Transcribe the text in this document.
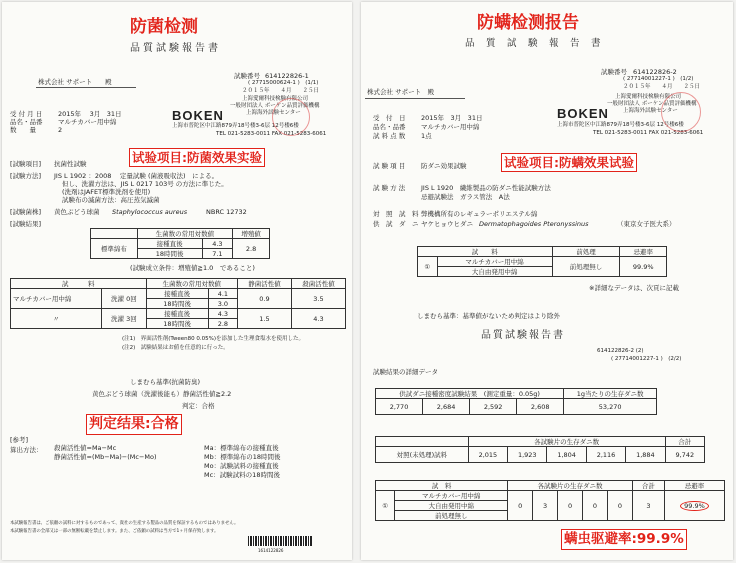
防菌检测
品質試験報告書
株式会社 サポート　　殿
試験番号 614122826-1
( 27715000624-1 )　(1/1)
２０１５年　　４月　　２５日
上海愛爾科技検験有限公司
一般財団法人 ボーケン品質評価機構
上海海外試験センター
BOKEN
上海市普陀区中江路879弄18号楼3-6层 12号楼6楼
TEL 021-5283-0011 FAX 021-5283-6061
受 付 月 日 2015年　 3月　31日
品名・品番 マルチカバー用中綿
数　　量	2
[試験項目] 抗菌性試験	试验项目:防菌效果实验
[試験方法] JIS L 1902 ：2008　 定量試験 (菌液吸収法)　による。
但し、洗濯方法は、JIS L 0217 103号 の方法に準じた。
(洗剤はJAFET標準洗剤を使用)
試験布の滅菌方法：高圧蒸気滅菌
[試験菌株] 黄色ぶどう球菌 Staphylococcus aureus	NBRC 12732
[試験結果]
	生菌数の常用対数値		増殖値
標準綿布	接種直後	4.3	2.8
	18時間後	7.1	
(試験成立条件：増殖値≧1.0　であること)
試　　　料		生菌数の常用対数値		静菌活性値	殺菌活性値
マルチカバー用中綿	洗濯 0回	接種直後	4.1	0.9	3.5
		18時間後	3.0		
〃	洗濯 3回	接種直後	4.3	1.5	4.3
		18時間後	2.8		
(注1)　界面活性剤(Tween80 0.05%)を添加した生理食塩水を使用した。
(注2)　試験結果はお値を任意的に行った。
しまむら基準(抗菌防臭)
黄色ぶどう球菌（洗濯後能も）静菌活性値≧2.2
判定：合格
判定结果:合格
[参考]
算出方法： 殺菌活性値=Ma−Mc
静菌活性値=(Mb−Ma)−(Mc−Mo)
Ma：標準綿布の接種直後
Mb：標準綿布の18時間後
Mo：試験試料の接種直後
Mc：試験試料の18時間後
本試験報告書は、ご依頼の試料に対するものであって、貴社の生産する製品の品質を保証するものではありません。
本試験報告書の全部又は一部の無断転載を禁止します。また、ご依頼の試料は当方で1ヶ月保存致します。
1614122826
防螨检测报告
品　質　試　験　報　告　書
株式会社 サポート　殿
試験番号 614122826-2
( 27714001227-1 )　(1/2)
２０１５年　　４月　　２５日
上海愛爾科技検験有限公司
一般財団法人 ボーケン品質評価機構
上海海外試験センター
BOKEN
上海市普陀区中江路879弄18号楼3-6层 12号楼6楼
TEL 021-5283-0011 FAX 021-5283-6061
受　付　日 2015年　3月　31日
品名・品番 マルチカバー用中綿
試 料 点 数 1点
試 験 項 目 防ダニ効果試験	试验项目:防螨效果试验
試 験 方 法 JIS L 1920　繊維製品の防ダニ性能試験方法
忌避試験法　ガラス管法　A法
対　照　試　料 弊機構所有のレギュラーポリエステル綿
供　試　ダ　ニ ヤケヒョウヒダニ Dermatophagoides Pteronyssinus	（東京女子医大系）
試　　料		前処理	忌避率
①	マルチカバー用中綿	前処理無し	99.9%
	大自由発用中綿		
※詳細なデータは、次頁に記載
しまむら基準：基準値がないため判定はより除外
品質試験報告書
614122826-2 (2)
( 27714001227-1 )　(2/2)
試験結果の詳細データ
供試ダニ接種密度試験結果　(測定重量：0.05g)				1g当たりの生存ダニ数
2,770	2,684	2,592	2,608	53,270
	各試験片の生存ダニ数					合計
対照(未処理)試料	2,015	1,923	1,804	2,116	1,884	9,742
試　料		各試験片の生存ダニ数					合計	忌避率
①	マルチカバー用中綿	0	3	0	0	0	3	99.9%
	大自由発用中綿							
	前処理無し							
螨虫驱避率:99.9%
